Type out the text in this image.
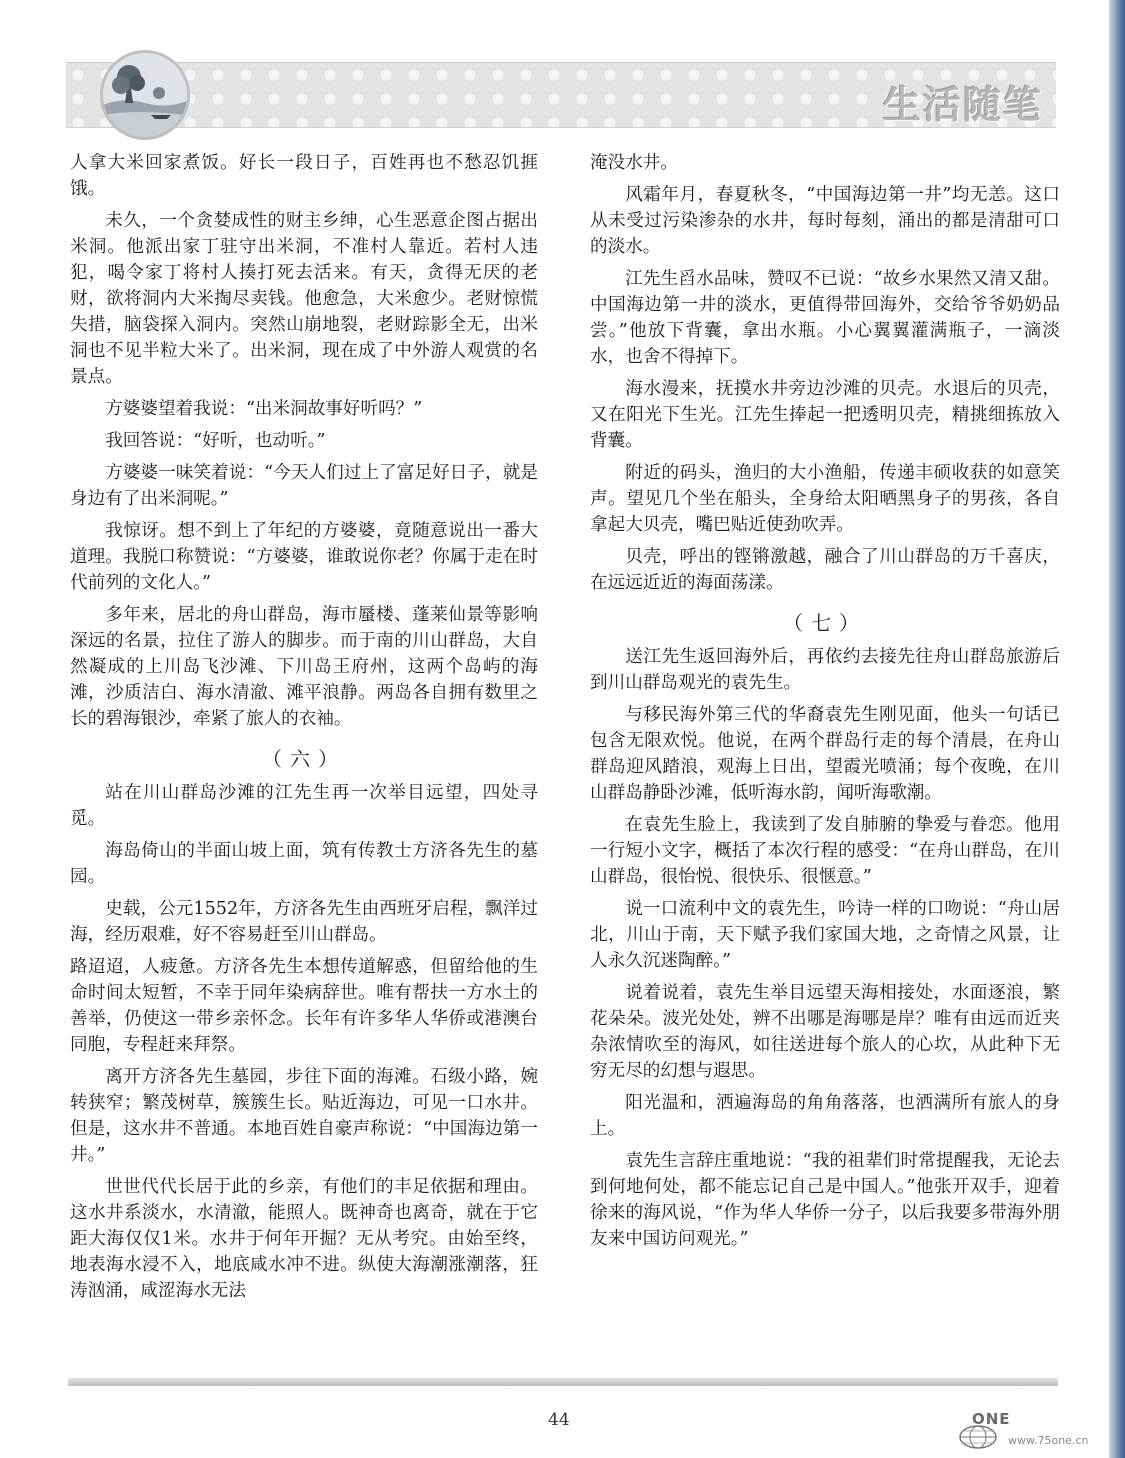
生活随笔

人拿大米回家煮饭。好长一段日子，百姓再也不愁忍饥捱饿。

未久，一个贪婪成性的财主乡绅，心生恶意企图占据出米洞。他派出家丁驻守出米洞，不准村人靠近。若村人违犯，喝令家丁将村人揍打死去活来。有天，贪得无厌的老财，欲将洞内大米掏尽卖钱。他愈急，大米愈少。老财惊慌失措，脑袋探入洞内。突然山崩地裂，老财踪影全无，出米洞也不见半粒大米了。出米洞，现在成了中外游人观赏的名景点。

方婆婆望着我说：“出米洞故事好听吗？”

我回答说：“好听，也动听。”

方婆婆一味笑着说：“今天人们过上了富足好日子，就是身边有了出米洞呢。”

我惊讶。想不到上了年纪的方婆婆，竟随意说出一番大道理。我脱口称赞说：“方婆婆，谁敢说你老？你属于走在时代前列的文化人。”

多年来，居北的舟山群岛，海市蜃楼、蓬莱仙景等影响深远的名景，拉住了游人的脚步。而于南的川山群岛，大自然凝成的上川岛飞沙滩、下川岛王府州，这两个岛屿的海滩，沙质洁白、海水清澈、滩平浪静。两岛各自拥有数里之长的碧海银沙，牵紧了旅人的衣袖。

（六）

站在川山群岛沙滩的江先生再一次举目远望，四处寻觅。

海岛倚山的半面山坡上面，筑有传教士方济各先生的墓园。

史载，公元1552年，方济各先生由西班牙启程，飘洋过海，经历艰难，好不容易赶至川山群岛。

路迢迢，人疲惫。方济各先生本想传道解惑，但留给他的生命时间太短暂，不幸于同年染病辞世。唯有帮扶一方水土的善举，仍使这一带乡亲怀念。长年有许多华人华侨或港澳台同胞，专程赶来拜祭。

离开方济各先生墓园，步往下面的海滩。石级小路，婉转狭窄；繁茂树草，簇簇生长。贴近海边，可见一口水井。但是，这水井不普通。本地百姓自豪声称说：“中国海边第一井。”

世世代代长居于此的乡亲，有他们的丰足依据和理由。这水井系淡水，水清澈，能照人。既神奇也离奇，就在于它距大海仅仅1米。水井于何年开掘？无从考究。由始至终，地表海水浸不入，地底咸水冲不进。纵使大海潮涨潮落，狂涛汹涌，咸涩海水无法

淹没水井。

风霜年月，春夏秋冬，“中国海边第一井”均无恙。这口从未受过污染渗杂的水井，每时每刻，涌出的都是清甜可口的淡水。

江先生舀水品味，赞叹不已说：“故乡水果然又清又甜。中国海边第一井的淡水，更值得带回海外，交给爷爷奶奶品尝。”他放下背囊，拿出水瓶。小心翼翼灌满瓶子，一滴淡水，也舍不得掉下。

海水漫来，抚摸水井旁边沙滩的贝壳。水退后的贝壳，又在阳光下生光。江先生捧起一把透明贝壳，精挑细拣放入背囊。

附近的码头，渔归的大小渔船，传递丰硕收获的如意笑声。望见几个坐在船头，全身给太阳晒黑身子的男孩，各自拿起大贝壳，嘴巴贴近使劲吹弄。

贝壳，呼出的铿锵激越，融合了川山群岛的万千喜庆，在远远近近的海面荡漾。

（七）

送江先生返回海外后，再依约去接先往舟山群岛旅游后到川山群岛观光的袁先生。

与移民海外第三代的华裔袁先生刚见面，他头一句话已包含无限欢悦。他说，在两个群岛行走的每个清晨，在舟山群岛迎风踏浪，观海上日出，望霞光喷涌；每个夜晚，在川山群岛静卧沙滩，低听海水韵，闻听海歌潮。

在袁先生脸上，我读到了发自肺腑的挚爱与眷恋。他用一行短小文字，概括了本次行程的感受：“在舟山群岛，在川山群岛，很怡悦、很快乐、很惬意。”

说一口流利中文的袁先生，吟诗一样的口吻说：“舟山居北，川山于南，天下赋予我们家国大地，之奇情之风景，让人永久沉迷陶醉。”

说着说着，袁先生举目远望天海相接处，水面逐浪，繁花朵朵。波光处处，辨不出哪是海哪是岸？唯有由远而近夹杂浓情吹至的海风，如往送进每个旅人的心坎，从此种下无穷无尽的幻想与遐思。

阳光温和，洒遍海岛的角角落落，也洒满所有旅人的身上。

袁先生言辞庄重地说：“我的祖辈们时常提醒我，无论去到何地何处，都不能忘记自己是中国人。”他张开双手，迎着徐来的海风说，“作为华人华侨一分子，以后我要多带海外朋友来中国访问观光。”

44	ONE
www.75one.cn
